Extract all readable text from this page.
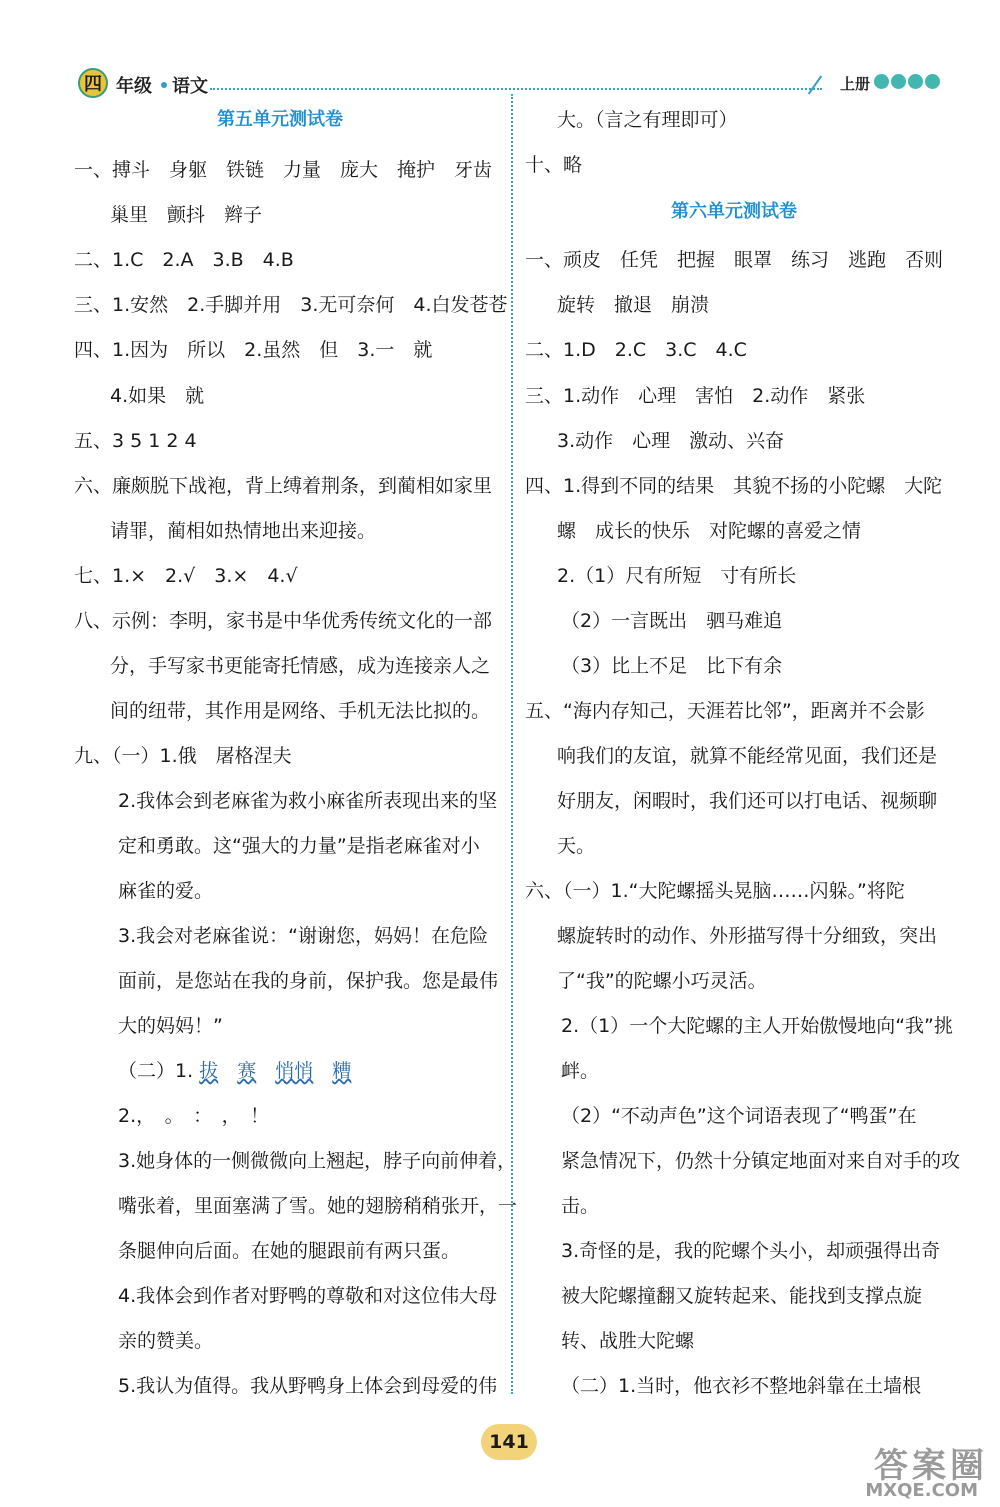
四 年级 语文	上册
第五单元测试卷
一、搏斗　身躯　铁链　力量　庞大　掩护　牙齿
巢里　颤抖　辫子
二、1.C　2.A　3.B　4.B
三、1.安然　2.手脚并用　3.无可奈何　4.白发苍苍
四、1.因为　所以　2.虽然　但　3.一　就
4.如果　就
五、3 5 1 2 4
六、廉颇脱下战袍，背上缚着荆条，到蔺相如家里
请罪，蔺相如热情地出来迎接。
七、1.×　2.√　3.×　4.√
八、示例：李明，家书是中华优秀传统文化的一部
分，手写家书更能寄托情感，成为连接亲人之
间的纽带，其作用是网络、手机无法比拟的。
九、（一）1.俄　屠格涅夫
2.我体会到老麻雀为救小麻雀所表现出来的坚
定和勇敢。这“强大的力量”是指老麻雀对小
麻雀的爱。
3.我会对老麻雀说：“谢谢您，妈妈！在危险
面前，是您站在我的身前，保护我。您是最伟
大的妈妈！”
（二）1. 拔　 赛　 悄悄　 糟
2.，　。　：　，　！
3.她身体的一侧微微向上翘起，脖子向前伸着，
嘴张着，里面塞满了雪。她的翅膀稍稍张开，一
条腿伸向后面。在她的腿跟前有两只蛋。
4.我体会到作者对野鸭的尊敬和对这位伟大母
亲的赞美。
5.我认为值得。我从野鸭身上体会到母爱的伟
大。（言之有理即可）
十、略
第六单元测试卷
一、顽皮　任凭　把握　眼罩　练习　逃跑　否则
旋转　撤退　崩溃
二、1.D　2.C　3.C　4.C
三、1.动作　心理　害怕　2.动作　紧张
3.动作　心理　激动、兴奋
四、1.得到不同的结果　其貌不扬的小陀螺　大陀
螺　成长的快乐　对陀螺的喜爱之情
2.（1）尺有所短　寸有所长
（2）一言既出　驷马难追
（3）比上不足　比下有余
五、“海内存知己，天涯若比邻”，距离并不会影
响我们的友谊，就算不能经常见面，我们还是
好朋友，闲暇时，我们还可以打电话、视频聊
天。
六、（一）1.“大陀螺摇头晃脑……闪躲。”将陀
螺旋转时的动作、外形描写得十分细致，突出
了“我”的陀螺小巧灵活。
2.（1）一个大陀螺的主人开始傲慢地向“我”挑
衅。
（2）“不动声色”这个词语表现了“鸭蛋”在
紧急情况下，仍然十分镇定地面对来自对手的攻
击。
3.奇怪的是，我的陀螺个头小，却顽强得出奇
被大陀螺撞翻又旋转起来、能找到支撑点旋
转、战胜大陀螺
（二）1.当时，他衣衫不整地斜靠在土墙根
141
答案圈
MXQE.COM
